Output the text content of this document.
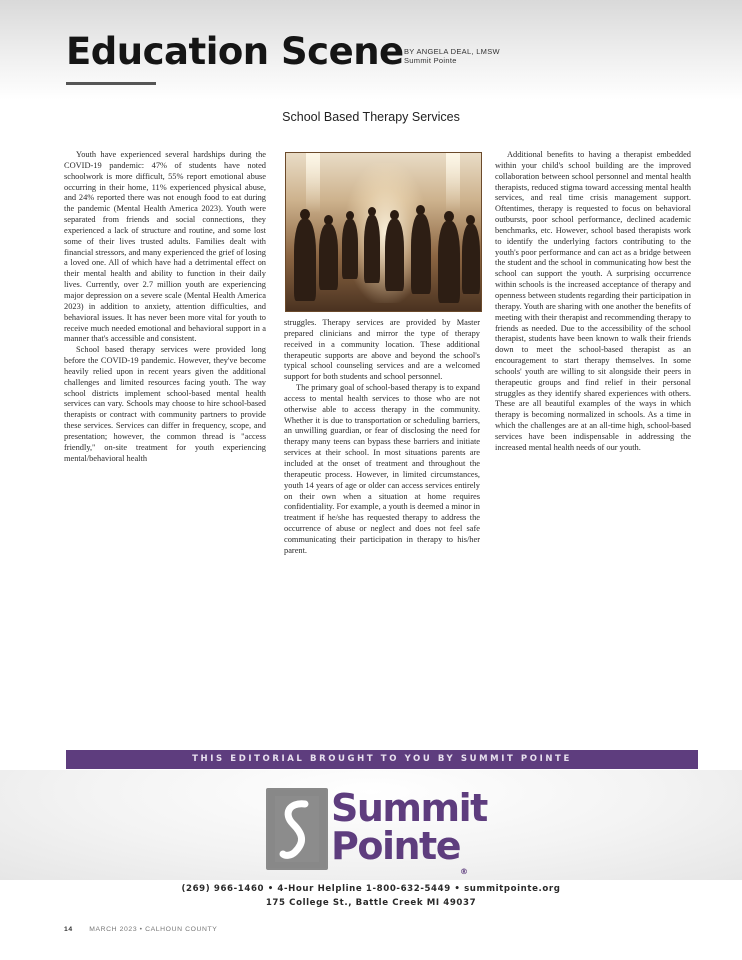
Education Scene BY ANGELA DEAL, LMSW
Summit Pointe
School Based Therapy Services

Youth have experienced several hardships during the COVID-19 pandemic: 47% of students have noted schoolwork is more difficult, 55% report emotional abuse occurring in their home, 11% experienced physical abuse, and 24% reported there was not enough food to eat during the pandemic (Mental Health America 2023). Youth were separated from friends and social connections, they experienced a lack of structure and routine, and some lost some of their lives trusted adults. Families dealt with financial stressors, and many experienced the grief of losing a loved one. All of which have had a detrimental effect on their mental health and ability to function in their daily lives. Currently, over 2.7 million youth are experiencing major depression on a severe scale (Mental Health America 2023) in addition to anxiety, attention difficulties, and behavioral issues. It has never been more vital for youth to receive much needed emotional and behavioral support in a manner that's accessible and consistent.

School based therapy services were provided long before the COVID-19 pandemic. However, they've become heavily relied upon in recent years given the additional challenges and limited resources facing youth. The way school districts implement school-based mental health services can vary. Schools may choose to hire school-based therapists or contract with community partners to provide these services. Services can differ in frequency, scope, and presentation; however, the common thread is "access friendly," on-site treatment for youth experiencing mental/behavioral health

struggles. Therapy services are provided by Master prepared clinicians and mirror the type of therapy received in a community location. These additional therapeutic supports are above and beyond the school's typical school counseling services and are a welcomed support for both students and school personnel.

The primary goal of school-based therapy is to expand access to mental health services to those who are not otherwise able to access therapy in the community. Whether it is due to transportation or scheduling barriers, an unwilling guardian, or fear of disclosing the need for therapy many teens can bypass these barriers and initiate services at their school. In most situations parents are included at the onset of treatment and throughout the therapeutic process. However, in limited circumstances, youth 14 years of age or older can access services entirely on their own when a situation at home requires confidentiality. For example, a youth is deemed a minor in treatment if he/she has requested therapy to address the occurrence of abuse or neglect and does not feel safe communicating their participation in therapy to his/her parent.

Additional benefits to having a therapist embedded within your child's school building are the improved collaboration between school personnel and mental health therapists, reduced stigma toward accessing mental health services, and real time crisis management support. Oftentimes, therapy is requested to focus on behavioral outbursts, poor school performance, declined academic benchmarks, etc. However, school based therapists work to identify the underlying factors contributing to the youth's poor performance and can act as a bridge between the student and the school in communicating how best the school can support the youth. A surprising occurrence within schools is the increased acceptance of therapy and openness between students regarding their participation in therapy. Youth are sharing with one another the benefits of meeting with their therapist and recommending therapy to friends as needed. Due to the accessibility of the school therapist, students have been known to walk their friends down to meet the school-based therapist as an encouragement to start therapy themselves. In some schools' youth are willing to sit alongside their peers in therapeutic groups and find relief in their personal struggles as they identify shared experiences with others. These are all beautiful examples of the ways in which therapy is becoming normalized in schools. As a time in which the challenges are at an all-time high, school-based services have been indispensable in addressing the increased mental health needs of our youth.

THIS EDITORIAL BROUGHT TO YOU BY SUMMIT POINTE
Summit
Pointe®
(269) 966-1460 • 4-Hour Helpline 1-800-632-5449 • summitpointe.org
175 College St., Battle Creek MI 49037
14 MARCH 2023 • CALHOUN COUNTY
